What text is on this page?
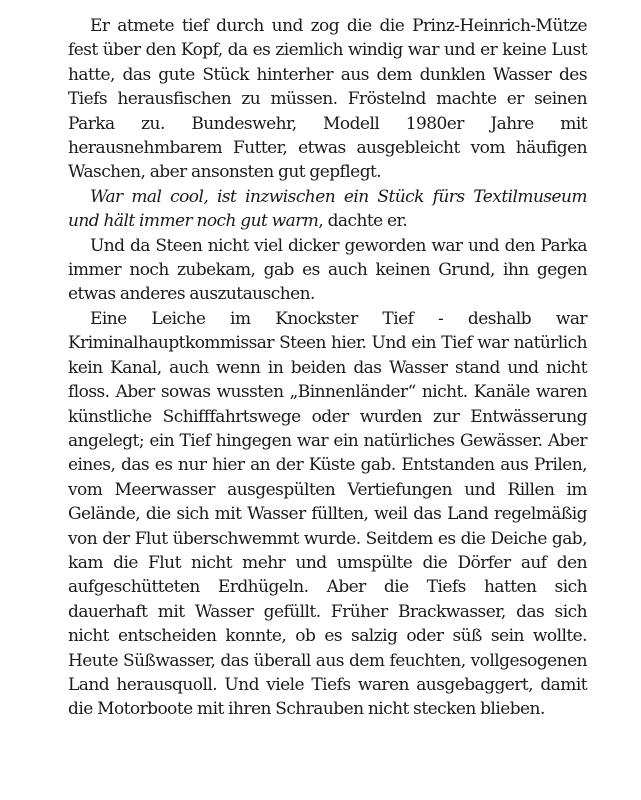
Er atmete tief durch und zog die die Prinz-Heinrich-Mütze fest über den Kopf, da es ziemlich windig war und er keine Lust hatte, das gute Stück hinterher aus dem dunklen Wasser des Tiefs herausfischen zu müssen. Fröstelnd machte er seinen Parka zu. Bundeswehr, Modell 1980er Jahre mit herausnehmbarem Futter, etwas ausgebleicht vom häufigen Waschen, aber ansonsten gut gepflegt.

War mal cool, ist inzwischen ein Stück fürs Textilmuseum und hält immer noch gut warm, dachte er.

Und da Steen nicht viel dicker geworden war und den Parka immer noch zubekam, gab es auch keinen Grund, ihn gegen etwas anderes auszutauschen.

Eine Leiche im Knockster Tief - deshalb war Kriminalhauptkommissar Steen hier. Und ein Tief war natürlich kein Kanal, auch wenn in beiden das Wasser stand und nicht floss. Aber sowas wussten „Binnenländer“ nicht. Kanäle waren künstliche Schifffahrtswege oder wurden zur Entwässerung angelegt; ein Tief hingegen war ein natürliches Gewässer. Aber eines, das es nur hier an der Küste gab. Entstanden aus Prilen, vom Meerwasser ausgespülten Vertiefungen und Rillen im Gelände, die sich mit Wasser füllten, weil das Land regelmäßig von der Flut überschwemmt wurde. Seitdem es die Deiche gab, kam die Flut nicht mehr und umspülte die Dörfer auf den aufgeschütteten Erdhügeln. Aber die Tiefs hatten sich dauerhaft mit Wasser gefüllt. Früher Brackwasser, das sich nicht entscheiden konnte, ob es salzig oder süß sein wollte. Heute Süßwasser, das überall aus dem feuchten, vollgesogenen Land herausquoll. Und viele Tiefs waren ausgebaggert, damit die Motorboote mit ihren Schrauben nicht stecken blieben.
